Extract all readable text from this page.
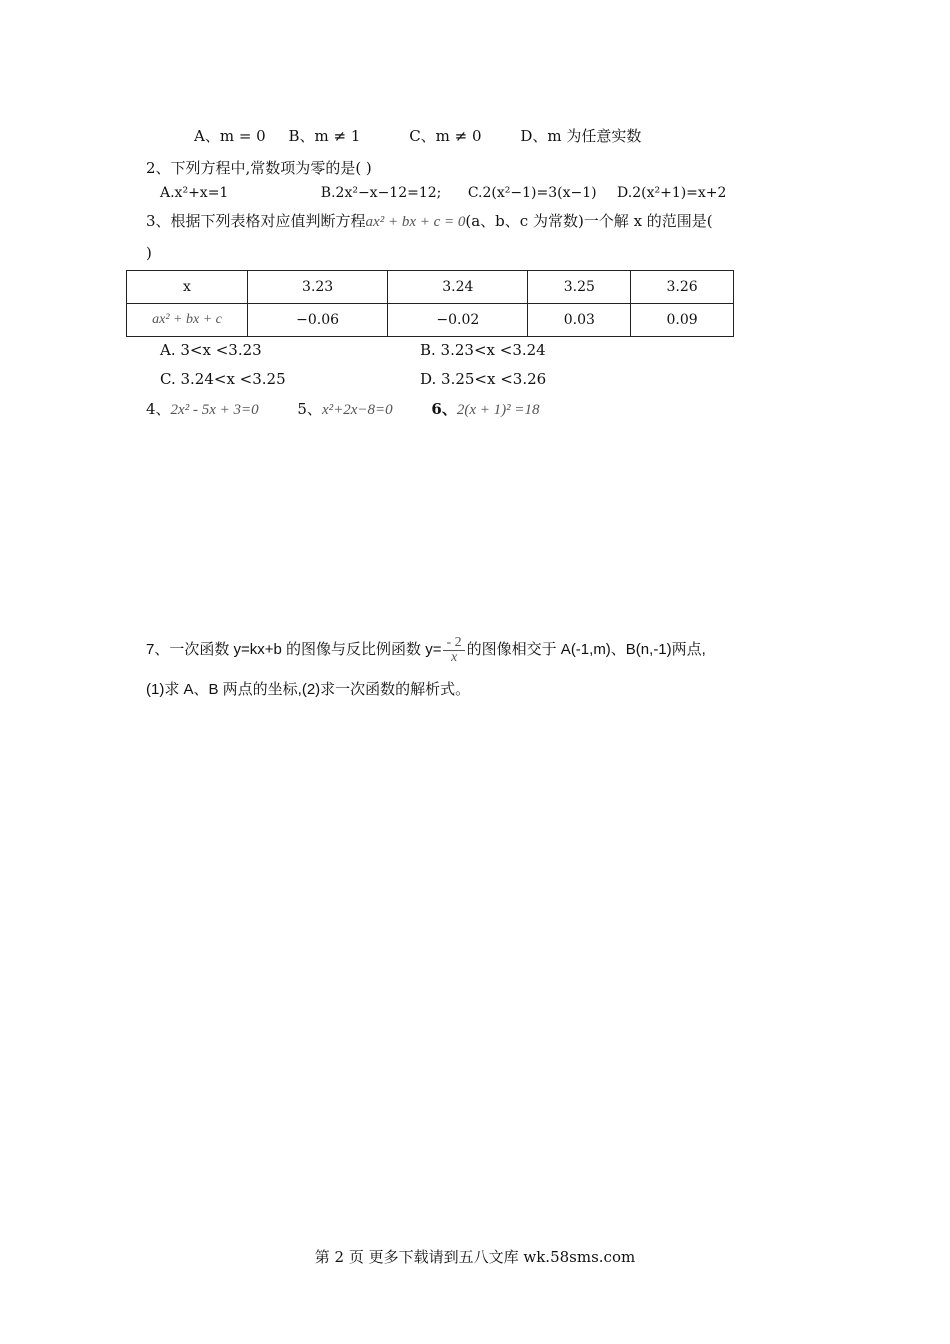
A、m = 0 B、m ≠ 1	C、m ≠ 0	D、m 为任意实数
2、下列方程中,常数项为零的是( )
A.x²+x=1	B.2x²−x−12=12; C.2(x²−1)=3(x−1) D.2(x²+1)=x+2
3、根据下列表格对应值判断方程ax² + bx + c = 0(a、b、c 为常数)一个解 x 的范围是(
)
x	3.23	3.24	3.25	3.26
ax² + bx + c	−0.06	−0.02	0.03	0.09
A. 3<x <3.23	B. 3.23<x <3.24
C. 3.24<x <3.25	D. 3.25<x <3.26
4、2x² - 5x + 3=0	5、x²+2x−8=0	6、2(x + 1)² =18
7、一次函数 y=kx+b 的图像与反比例函数 $y= \frac{- 2}{x}$ 的图像相交于 A(-1,m)、B(n,-1)两点,
(1)求 A、B 两点的坐标,(2)求一次函数的解析式。
第 2 页 更多下载请到五八文库 wk.58sms.com
